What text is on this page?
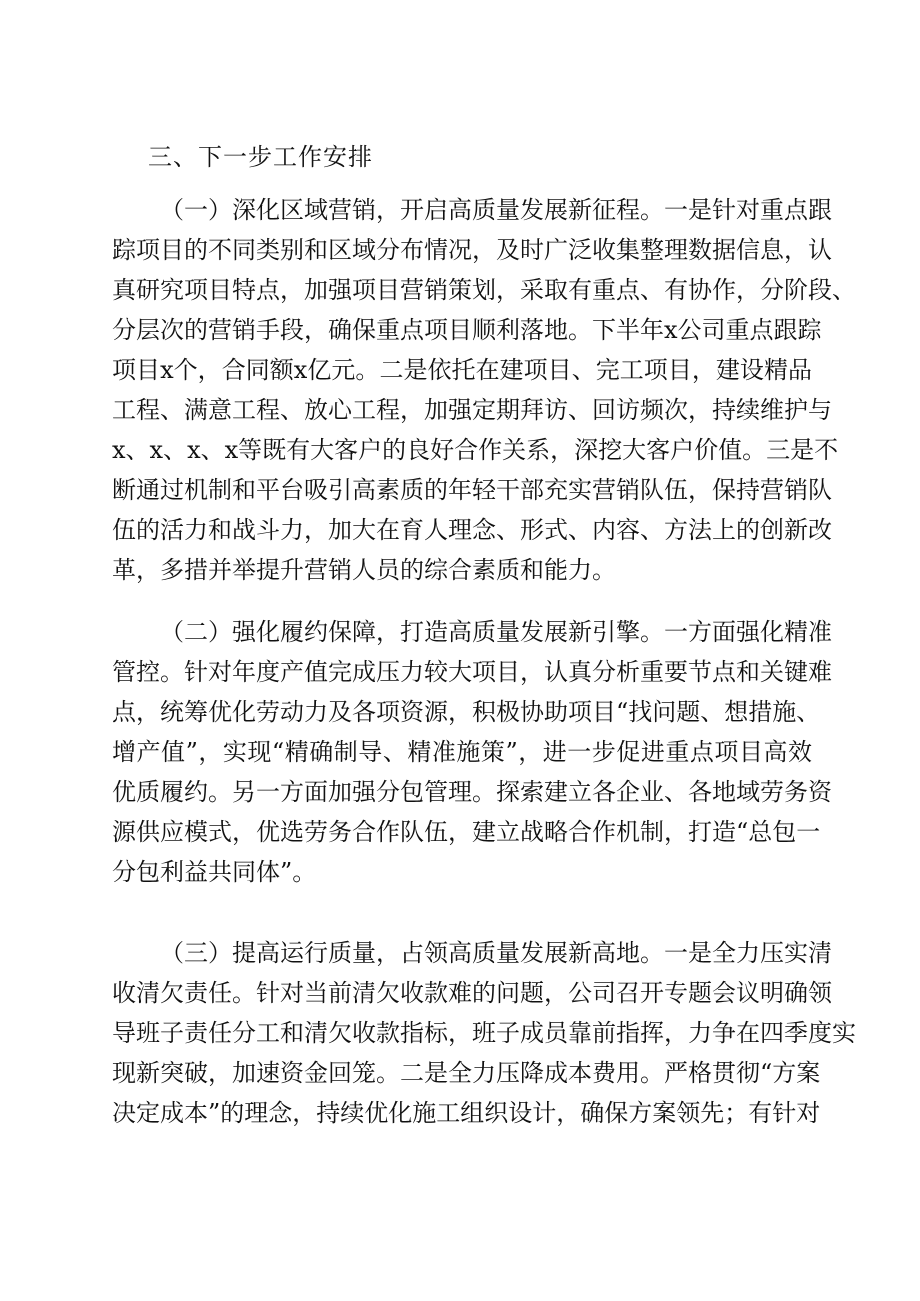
三、下一步工作安排
（一）深化区域营销，开启高质量发展新征程。一是针对重点跟
踪项目的不同类别和区域分布情况，及时广泛收集整理数据信息，认
真研究项目特点，加强项目营销策划，采取有重点、有协作，分阶段、
分层次的营销手段，确保重点项目顺利落地。下半年x公司重点跟踪
项目x个，合同额x亿元。二是依托在建项目、完工项目，建设精品
工程、满意工程、放心工程，加强定期拜访、回访频次，持续维护与
x、x、x、x等既有大客户的良好合作关系，深挖大客户价值。三是不
断通过机制和平台吸引高素质的年轻干部充实营销队伍，保持营销队
伍的活力和战斗力，加大在育人理念、形式、内容、方法上的创新改
革，多措并举提升营销人员的综合素质和能力。
（二）强化履约保障，打造高质量发展新引擎。一方面强化精准
管控。针对年度产值完成压力较大项目，认真分析重要节点和关键难
点，统筹优化劳动力及各项资源，积极协助项目“找问题、想措施、
增产值”，实现“精确制导、精准施策”，进一步促进重点项目高效
优质履约。另一方面加强分包管理。探索建立各企业、各地域劳务资
源供应模式，优选劳务合作队伍，建立战略合作机制，打造“总包一
分包利益共同体”。
（三）提高运行质量，占领高质量发展新高地。一是全力压实清
收清欠责任。针对当前清欠收款难的问题，公司召开专题会议明确领
导班子责任分工和清欠收款指标，班子成员靠前指挥，力争在四季度实
现新突破，加速资金回笼。二是全力压降成本费用。严格贯彻“方案
决定成本”的理念，持续优化施工组织设计，确保方案领先；有针对
